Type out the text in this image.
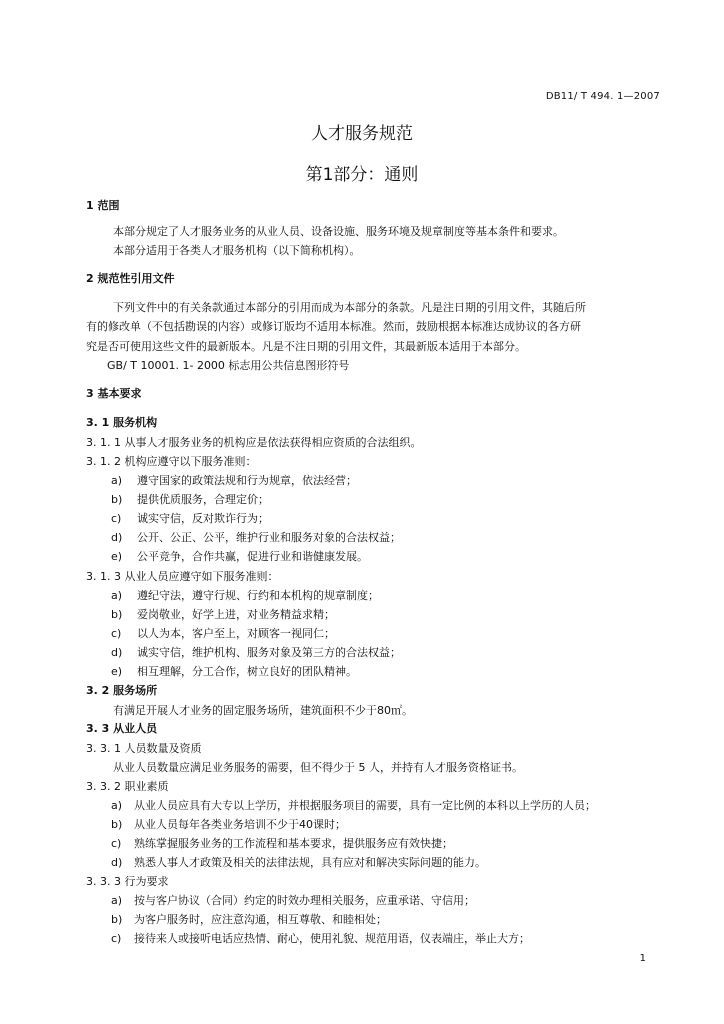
DB11/ T 494. 1—2007
人才服务规范
第1部分：通则
1 范围
本部分规定了人才服务业务的从业人员、设备设施、服务环境及规章制度等基本条件和要求。
本部分适用于各类人才服务机构（以下简称机构）。
2 规范性引用文件
下列文件中的有关条款通过本部分的引用而成为本部分的条款。凡是注日期的引用文件，其随后所
有的修改单（不包括勘误的内容）或修订版均不适用本标准。然而，鼓励根据本标准达成协议的各方研
究是否可使用这些文件的最新版本。凡是不注日期的引用文件，其最新版本适用于本部分。
GB/ T 10001. 1- 2000 标志用公共信息图形符号
3 基本要求
3. 1 服务机构
3. 1. 1 从事人才服务业务的机构应是依法获得相应资质的合法组织。
3. 1. 2 机构应遵守以下服务准则：
a) 遵守国家的政策法规和行为规章，依法经营；
b) 提供优质服务，合理定价；
c) 诚实守信，反对欺诈行为；
d) 公开、公正、公平，维护行业和服务对象的合法权益；
e) 公平竞争，合作共赢，促进行业和谐健康发展。
3. 1. 3 从业人员应遵守如下服务准则：
a) 遵纪守法，遵守行规、行约和本机构的规章制度；
b) 爱岗敬业，好学上进，对业务精益求精；
c) 以人为本，客户至上，对顾客一视同仁；
d) 诚实守信，维护机构、服务对象及第三方的合法权益；
e) 相互理解，分工合作，树立良好的团队精神。
3. 2 服务场所
有满足开展人才业务的固定服务场所，建筑面积不少于80㎡。
3. 3 从业人员
3. 3. 1 人员数量及资质
从业人员数量应满足业务服务的需要，但不得少于 5 人，并持有人才服务资格证书。
3. 3. 2 职业素质
a) 从业人员应具有大专以上学历，并根据服务项目的需要，具有一定比例的本科以上学历的人员；
b) 从业人员每年各类业务培训不少于40课时；
c) 熟练掌握服务业务的工作流程和基本要求，提供服务应有效快捷；
d) 熟悉人事人才政策及相关的法律法规，具有应对和解决实际问题的能力。
3. 3. 3 行为要求
a) 按与客户协议（合同）约定的时效办理相关服务，应重承诺、守信用；
b) 为客户服务时，应注意沟通，相互尊敬、和睦相处；
c) 接待来人或接听电话应热情、耐心，使用礼貌、规范用语，仪表端庄，举止大方；
1
